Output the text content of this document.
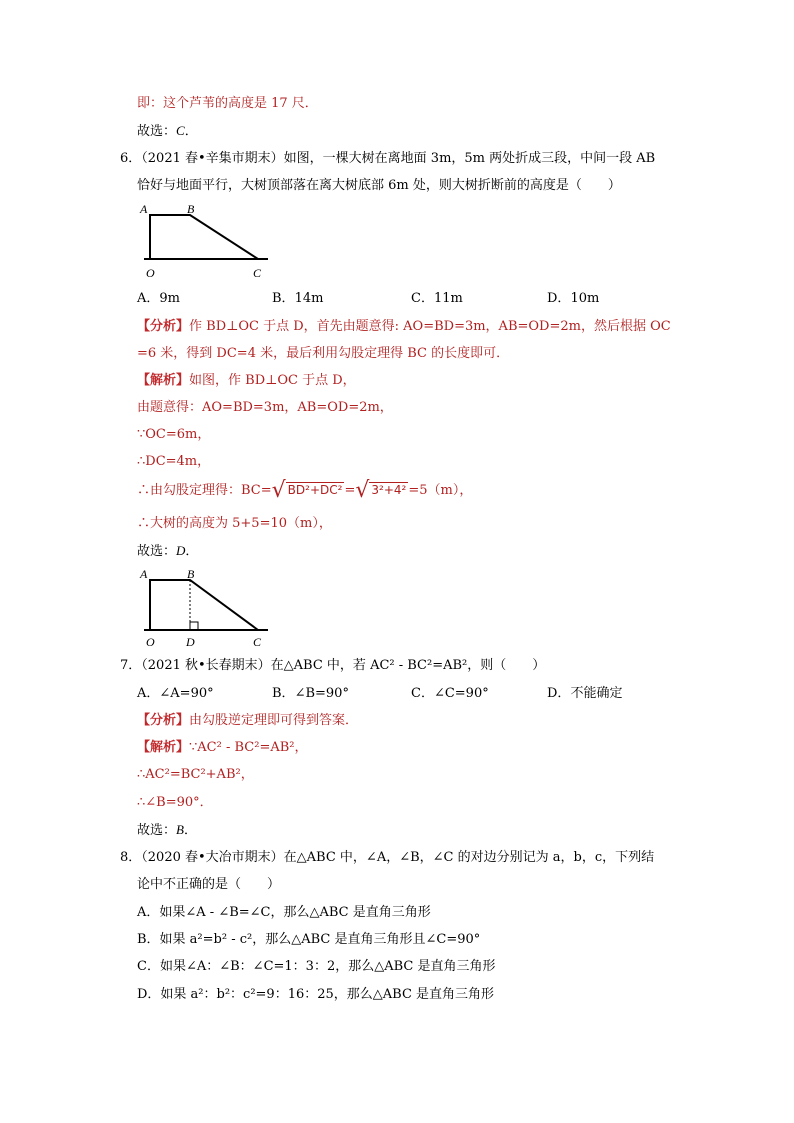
即：这个芦苇的高度是 17 尺．
故选：C．
6．（2021 春•辛集市期末）如图，一棵大树在离地面 3m，5m 两处折成三段，中间一段 AB
恰好与地面平行，大树顶部落在离大树底部 6m 处，则大树折断前的高度是（　　）
A	B
O	C
A．9m	B．14m	C．11m	D．10m
【分析】作 BD⊥OC 于点 D，首先由题意得: AO=BD=3m，AB=OD=2m，然后根据 OC
=6 米，得到 DC=4 米，最后利用勾股定理得 BC 的长度即可．
【解析】如图，作 BD⊥OC 于点 D，
由题意得：AO=BD=3m，AB=OD=2m，
∵OC=6m，
∴DC=4m，
∴由勾股定理得：BC=√ BD²+DC² =√ 3²+4² =5（m），
∴大树的高度为 5+5=10（m），
故选：D．
A	B
O	D	C
7．（2021 秋•长春期末）在△ABC 中，若 AC² - BC²=AB²，则（　　）
A．∠A=90°	B．∠B=90°	C．∠C=90°	D．不能确定
【分析】由勾股逆定理即可得到答案．
【解析】∵AC² - BC²=AB²，
∴AC²=BC²+AB²，
∴∠B=90°．
故选：B．
8．（2020 春•大冶市期末）在△ABC 中，∠A，∠B，∠C 的对边分别记为 a，b，c，下列结
论中不正确的是（　　）
A．如果∠A - ∠B=∠C，那么△ABC 是直角三角形
B．如果 a²=b² - c²，那么△ABC 是直角三角形且∠C=90°
C．如果∠A：∠B：∠C=1：3：2，那么△ABC 是直角三角形
D．如果 a²：b²：c²=9：16：25，那么△ABC 是直角三角形
